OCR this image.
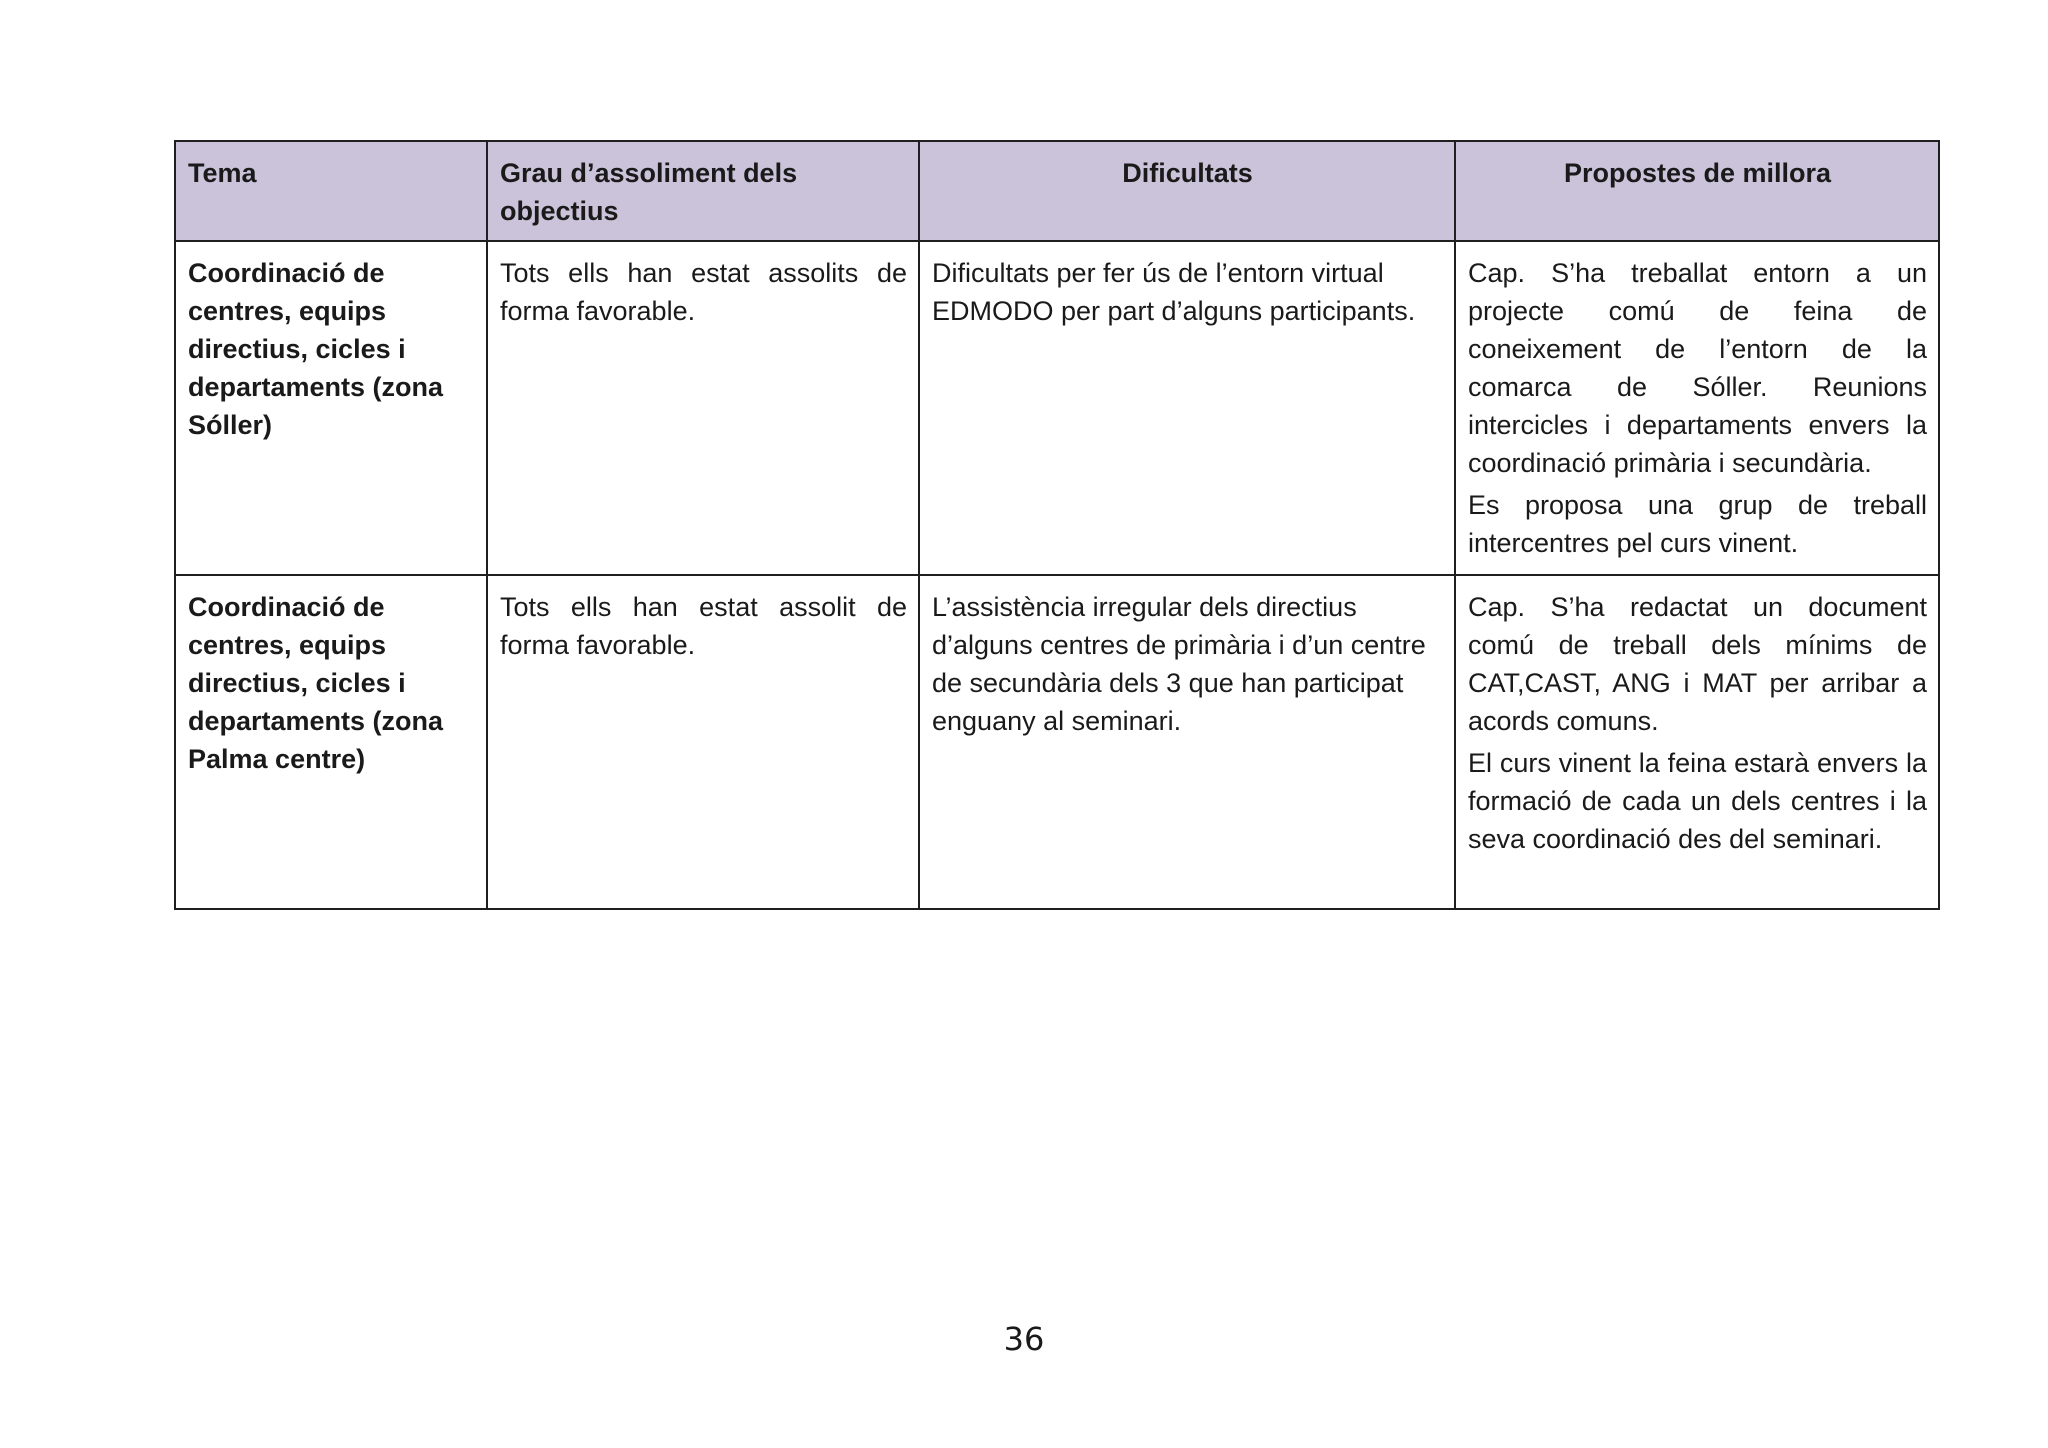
Tema	Grau d’assoliment dels objectius	Dificultats	Propostes de millora
Coordinació de centres, equips directius, cicles i departaments (zona Sóller)	Tots ells han estat assolits de forma favorable.	Dificultats per fer ús de l’entorn virtual EDMODO per part d’alguns participants.	Cap. S’ha treballat entorn a un projecte comú de feina de coneixement de l’entorn de la comarca de Sóller. Reunions intercicles i departaments envers la coordinació primària i secundària.
Es proposa una grup de treball intercentres pel curs vinent.

Coordinació de centres, equips directius, cicles i departaments (zona Palma centre)	Tots ells han estat assolit de forma favorable.	L’assistència irregular dels directius d’alguns centres de primària i d’un centre de secundària dels 3 que han participat enguany al seminari.	Cap. S’ha redactat un document comú de treball dels mínims de CAT,CAST, ANG i MAT per arribar a acords comuns.
El curs vinent la feina estarà envers la formació de cada un dels centres i la seva coordinació des del seminari.
36
